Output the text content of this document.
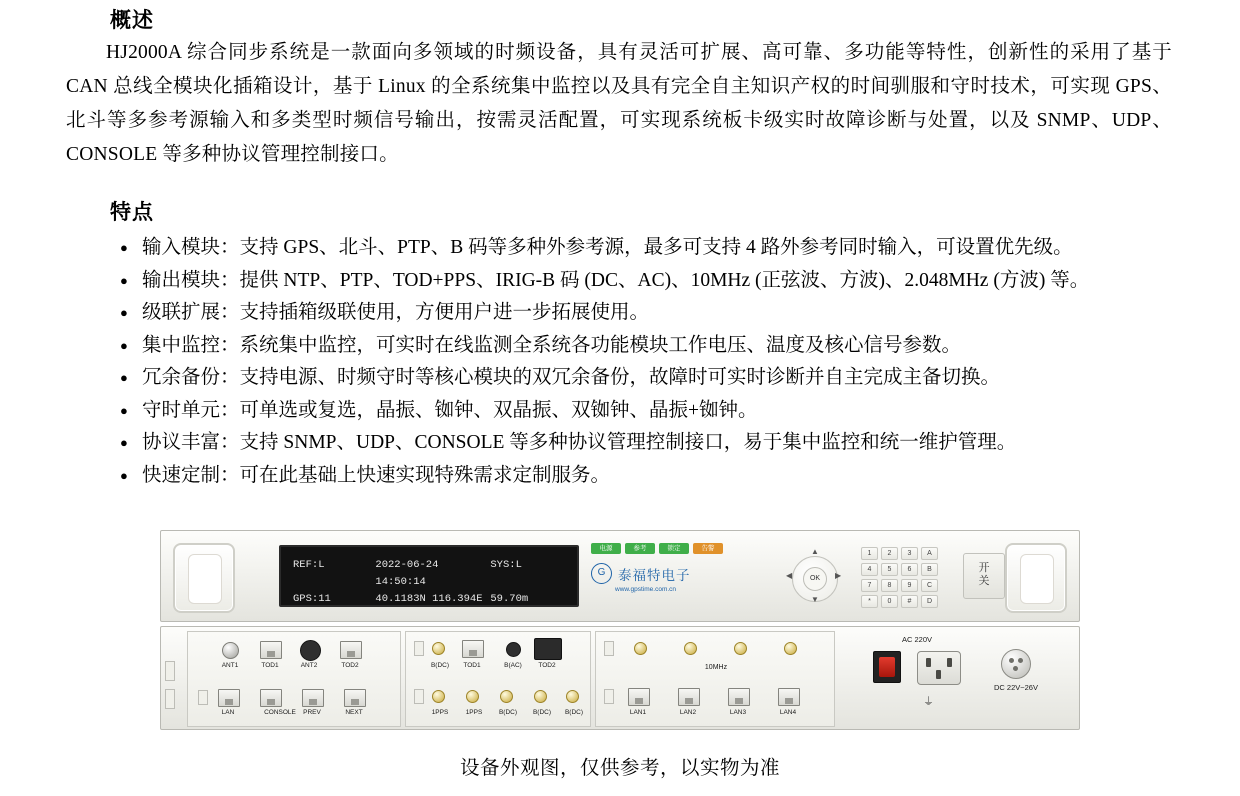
概述
HJ2000A 综合同步系统是一款面向多领域的时频设备，具有灵活可扩展、高可靠、多功能等特性，创新性的采用了基于 CAN 总线全模块化插箱设计，基于 Linux 的全系统集中监控以及具有完全自主知识产权的时间驯服和守时技术，可实现 GPS、北斗等多参考源输入和多类型时频信号输出，按需灵活配置，可实现系统板卡级实时故障诊断与处置，以及 SNMP、UDP、CONSOLE 等多种协议管理控制接口。
特点
● 输入模块：支持 GPS、北斗、PTP、B 码等多种外参考源，最多可支持 4 路外参考同时输入，可设置优先级。
● 输出模块：提供 NTP、PTP、TOD+PPS、IRIG-B 码 (DC、AC)、10MHz (正弦波、方波)、2.048MHz (方波) 等。
● 级联扩展：支持插箱级联使用，方便用户进一步拓展使用。
● 集中监控：系统集中监控，可实时在线监测全系统各功能模块工作电压、温度及核心信号参数。
● 冗余备份：支持电源、时频守时等核心模块的双冗余备份，故障时可实时诊断并自主完成主备切换。
● 守时单元：可单选或复选，晶振、铷钟、双晶振、双铷钟、晶振+铷钟。
● 协议丰富：支持 SNMP、UDP、CONSOLE 等多种协议管理控制接口，易于集中监控和统一维护管理。
● 快速定制：可在此基础上快速实现特殊需求定制服务。
REF:L	2022-06-24 14:50:14
SYS:L
GPS:11	40.1183N 116.394E 59.70m
电源	参考	锁定	告警
G 泰福特电子
www.gpstime.com.cn
OK
▲
▼
◀	▶
1	2	3	A
4	5	6	B
7	8	9	C
*	0	#	D
开
关
ANT1	TOD1	ANT2	TOD2
LAN	CONSOLE	PREV	NEXT
B(DC)	TOD1	B(AC)	TOD2
1PPS	1PPS	B(DC)	B(DC)	B(DC)
10MHz
LAN1	LAN2	LAN3	LAN4
AC 220V
DC 22V~26V
⏚
设备外观图，仅供参考，以实物为准
